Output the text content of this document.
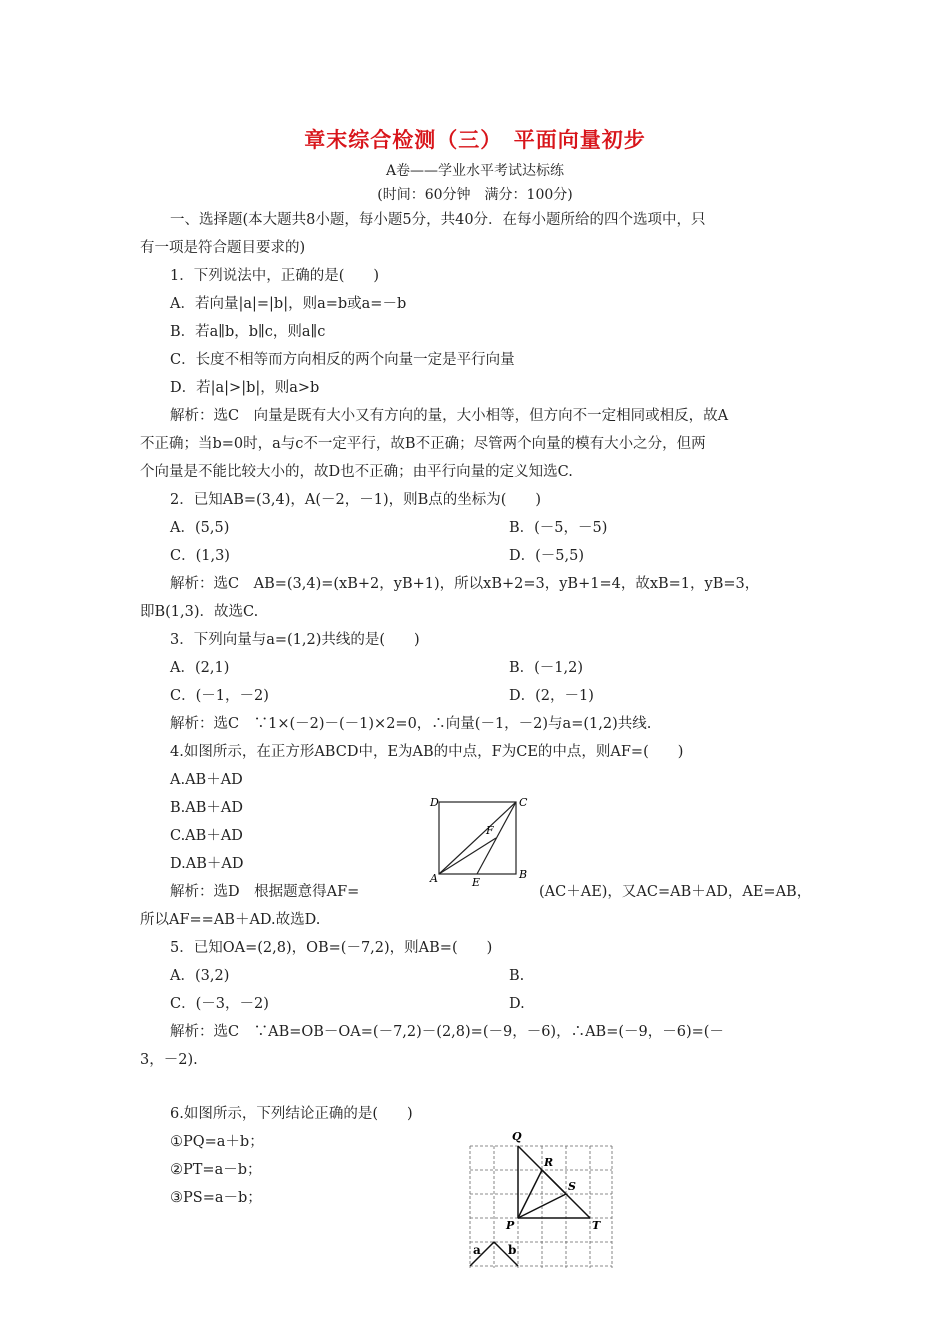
章末综合检测（三）　平面向量初步
A卷——学业水平考试达标练
(时间：60分钟　满分：100分)
一、选择题(本大题共8小题，每小题5分，共40分．在每小题所给的四个选项中，只
有一项是符合题目要求的)
1．下列说法中，正确的是(　　)
A．若向量|a|=|b|，则a=b或a=－b
B．若a∥b，b∥c，则a∥c
C．长度不相等而方向相反的两个向量一定是平行向量
D．若|a|>|b|，则a>b
解析：选C　向量是既有大小又有方向的量，大小相等，但方向不一定相同或相反，故A
不正确；当b=0时，a与c不一定平行，故B不正确；尽管两个向量的模有大小之分，但两
个向量是不能比较大小的，故D也不正确；由平行向量的定义知选C.
2．已知AB=(3,4)，A(－2，－1)，则B点的坐标为(　　)
A．(5,5)	B．(－5，－5)
C．(1,3)	D．(－5,5)
解析：选C　AB=(3,4)=(xB+2，yB+1)，所以xB+2=3，yB+1=4，故xB=1，yB=3，
即B(1,3)．故选C.
3．下列向量与a=(1,2)共线的是(　　)
A．(2,1)	B．(－1,2)
C．(－1，－2)	D．(2，－1)
解析：选C　∵1×(－2)－(－1)×2=0，∴向量(－1，－2)与a=(1,2)共线.
4.如图所示，在正方形ABCD中，E为AB的中点，F为CE的中点，则AF=(　　)
A.AB＋AD
B.AB＋AD
C.AB＋AD
D.AB＋AD
解析：选D　根据题意得AF=	(AC＋AE)，又AC=AB＋AD，AE=AB，
所以AF==AB＋AD.故选D.
D	C
F
A	E
B
5．已知OA=(2,8)，OB=(－7,2)，则AB=(　　)
A．(3,2)	B.
C．(－3，－2)	D.
解析：选C　∵AB=OB－OA=(－7,2)－(2,8)=(－9，－6)，∴AB=(－9，－6)=(－
3，－2).
6.如图所示，下列结论正确的是(　　)
①PQ=a＋b；
②PT=a－b；
③PS=a－b；
Q
R
S
P	T
a b
